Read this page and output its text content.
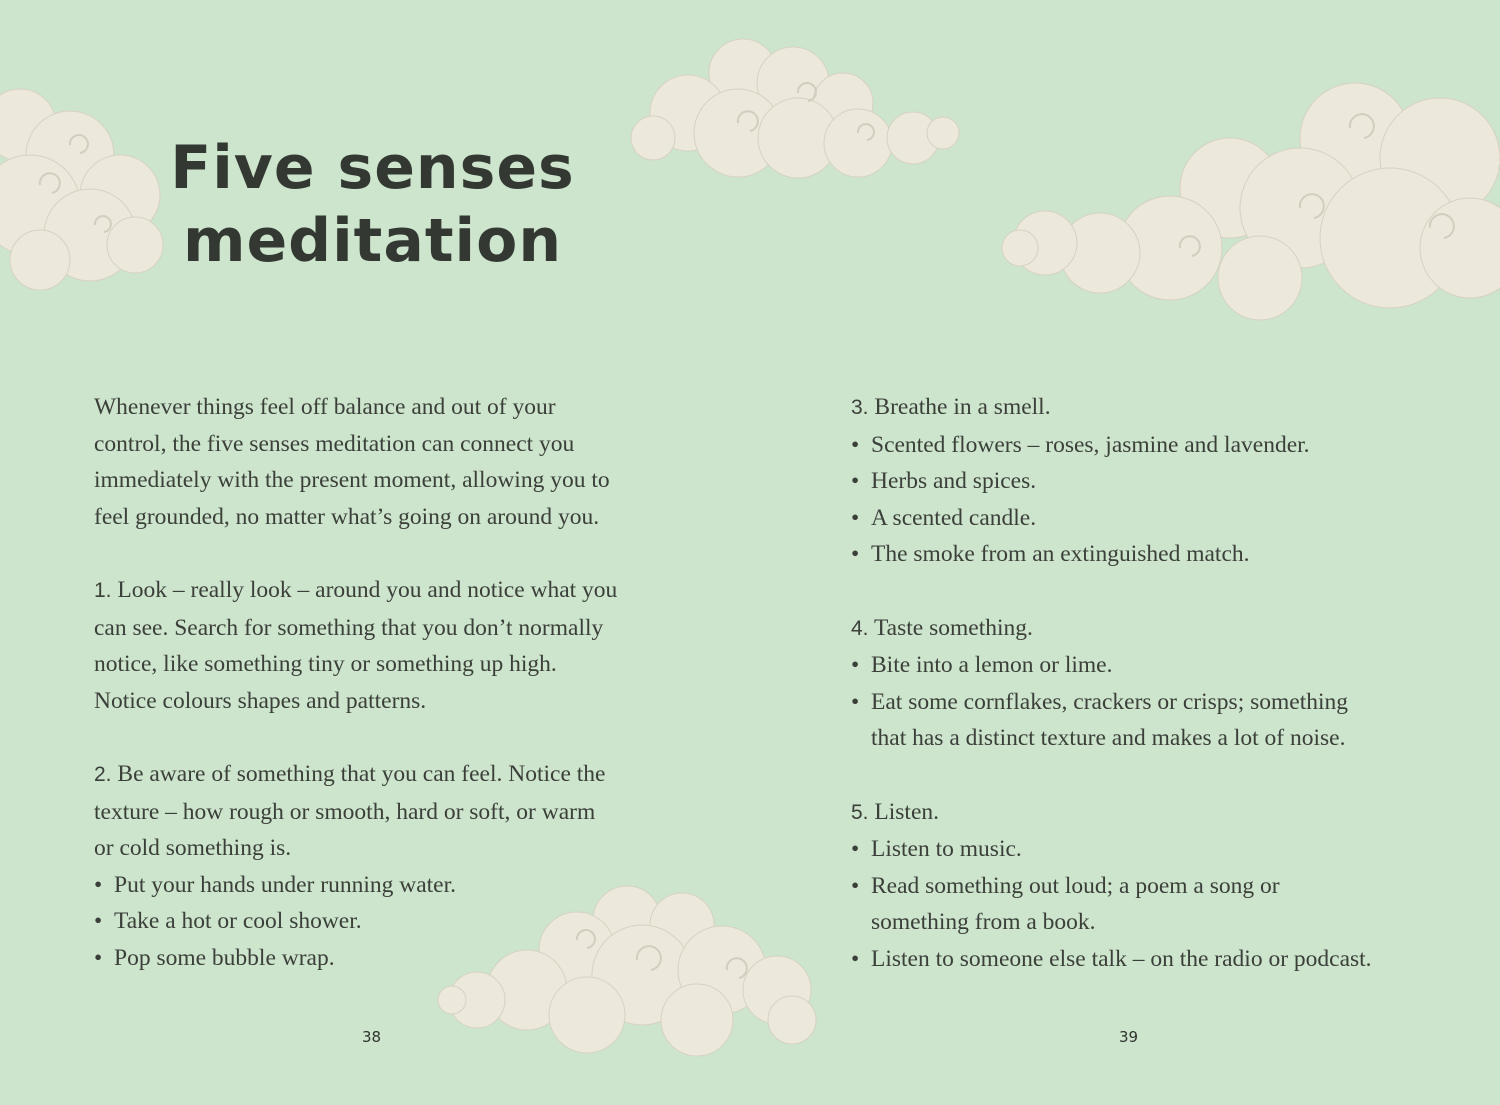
Five senses
meditation
Whenever things feel off balance and out of your
control, the five senses meditation can connect you
immediately with the present moment, allowing you to
feel grounded, no matter what’s going on around you.
1. Look – really look – around you and notice what you
can see. Search for something that you don’t normally
notice, like something tiny or something up high.
Notice colours shapes and patterns.
2. Be aware of something that you can feel. Notice the
texture – how rough or smooth, hard or soft, or warm
or cold something is.
• Put your hands under running water.
• Take a hot or cool shower.
• Pop some bubble wrap.
3. Breathe in a smell.
• Scented flowers – roses, jasmine and lavender.
• Herbs and spices.
• A scented candle.
• The smoke from an extinguished match.
4. Taste something.
• Bite into a lemon or lime.
• Eat some cornflakes, crackers or crisps; something
that has a distinct texture and makes a lot of noise.
5. Listen.
• Listen to music.
• Read something out loud; a poem a song or
something from a book.
• Listen to someone else talk – on the radio or podcast.
38	39
